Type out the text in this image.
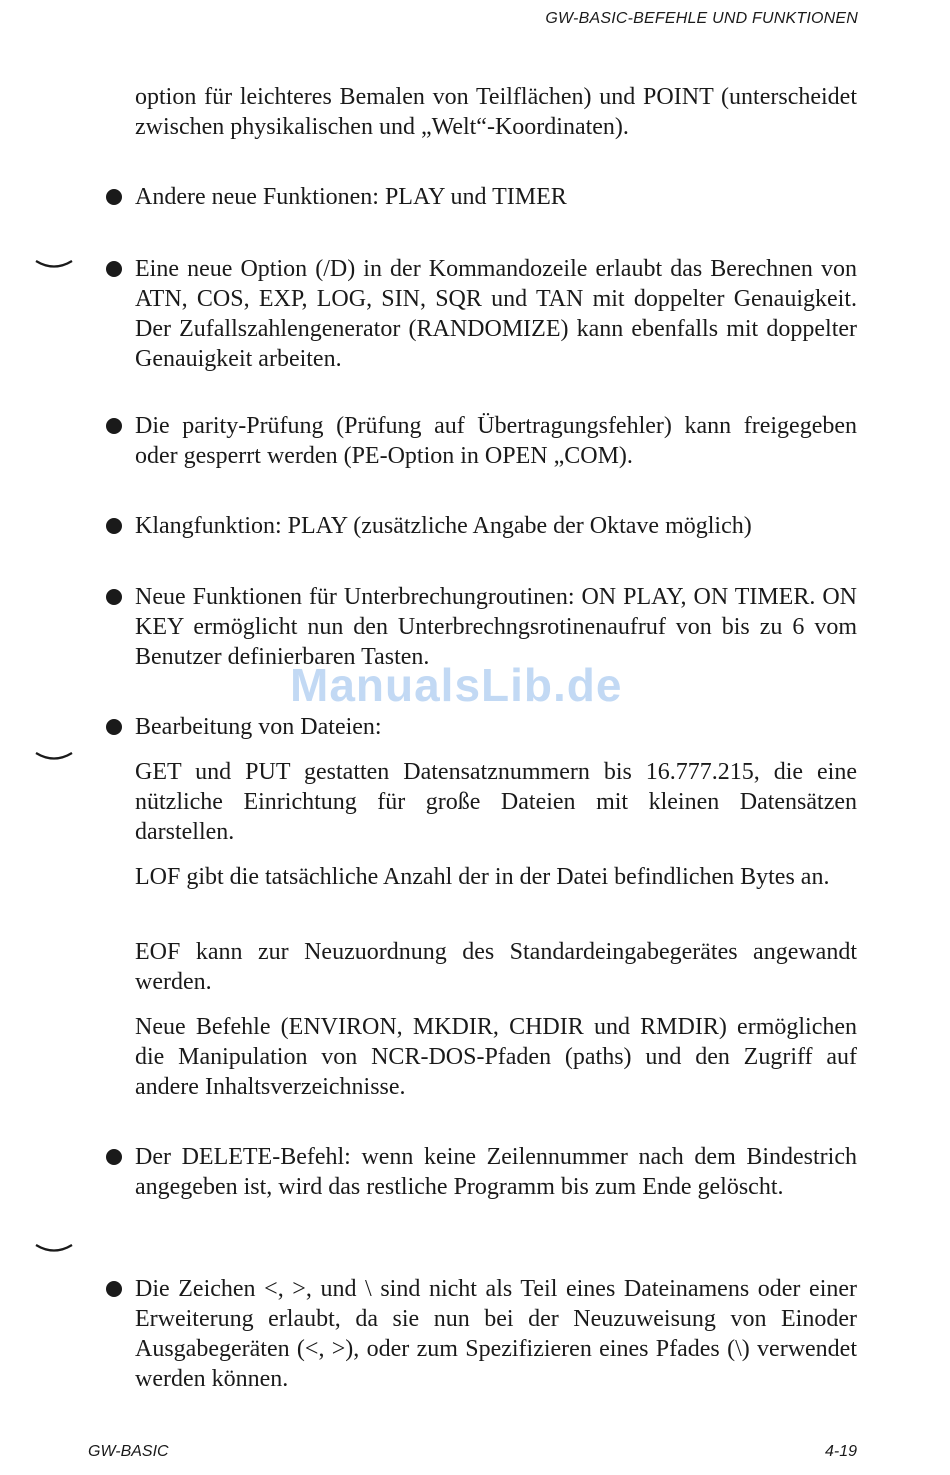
GW-BASIC-BEFEHLE UND FUNKTIONEN

option für leichteres Bemalen von Teilflächen) und POINT (unterscheidet zwischen physikalischen und „Welt“-Koordinaten).

Andere neue Funktionen: PLAY und TIMER

Eine neue Option (/D) in der Kommandozeile erlaubt das Berechnen von ATN, COS, EXP, LOG, SIN, SQR und TAN mit doppelter Genauigkeit. Der Zufallszahlengenerator (RANDOMIZE) kann ebenfalls mit doppelter Genauigkeit arbeiten.

Die parity-Prüfung (Prüfung auf Übertragungsfehler) kann freigegeben oder gesperrt werden (PE-Option in OPEN „COM).

Klangfunktion: PLAY (zusätzliche Angabe der Oktave möglich)

Neue Funktionen für Unterbrechungroutinen: ON PLAY, ON TIMER. ON KEY ermöglicht nun den Unterbrechngsrotinenaufruf von bis zu 6 vom Benutzer definierbaren Tasten.

Bearbeitung von Dateien:

GET und PUT gestatten Datensatznummern bis 16.777.215, die eine nützliche Einrichtung für große Dateien mit kleinen Datensätzen darstellen.

LOF gibt die tatsächliche Anzahl der in der Datei befindlichen Bytes an.

EOF kann zur Neuzuordnung des Standardeingabegerätes angewandt werden.

Neue Befehle (ENVIRON, MKDIR, CHDIR und RMDIR) ermöglichen die Manipulation von NCR-DOS-Pfaden (paths) und den Zugriff auf andere Inhaltsverzeichnisse.

Der DELETE-Befehl: wenn keine Zeilennummer nach dem Bindestrich angegeben ist, wird das restliche Programm bis zum Ende gelöscht.

Die Zeichen <, >, und \ sind nicht als Teil eines Dateinamens oder einer Erweiterung erlaubt, da sie nun bei der Neuzuweisung von Einoder Ausgabegeräten (<, >), oder zum Spezifizieren eines Pfades (\) verwendet werden können.

ManualsLib.de
GW-BASIC	4-19
